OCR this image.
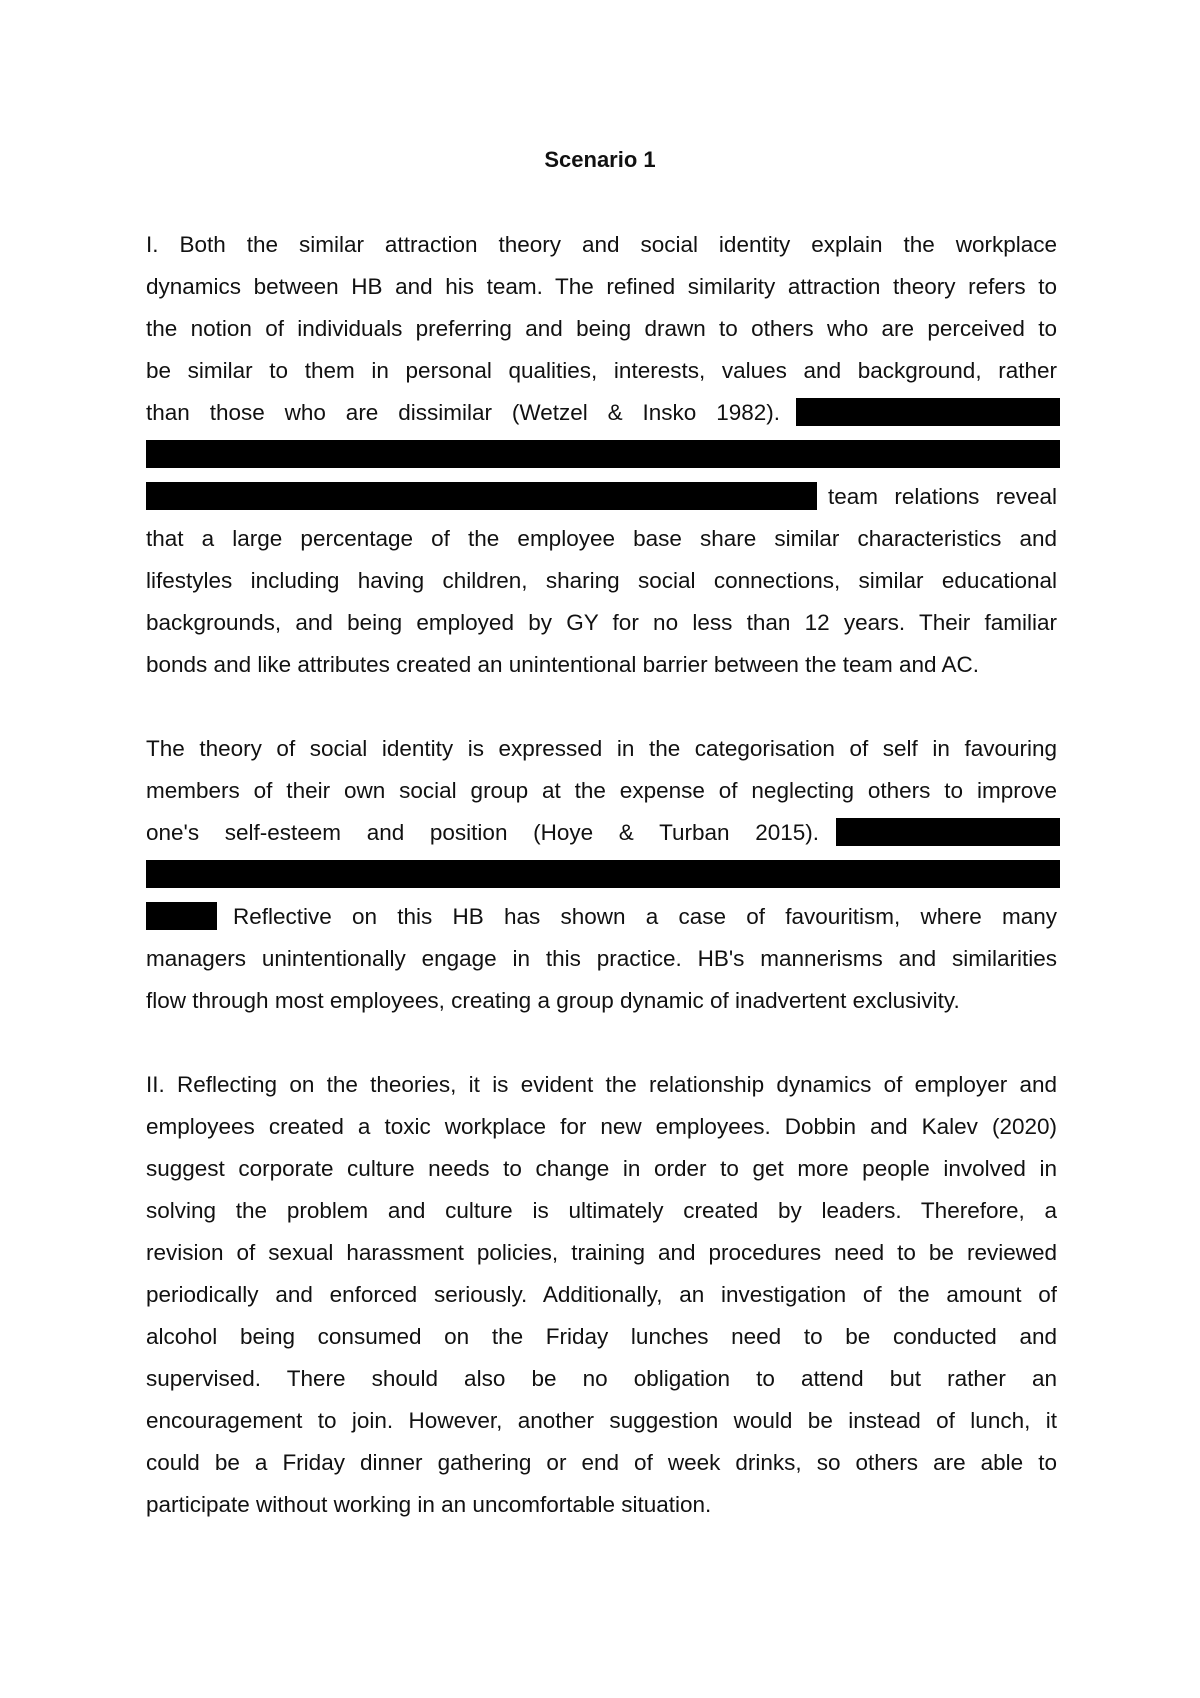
Scenario 1
I. Both the similar attraction theory and social identity explain the workplace
dynamics between HB and his team. The refined similarity attraction theory refers to
the notion of individuals preferring and being drawn to others who are perceived to
be similar to them in personal qualities, interests, values and background, rather
than those who are dissimilar (Wetzel & Insko 1982).
team relations reveal
that a large percentage of the employee base share similar characteristics and
lifestyles including having children, sharing social connections, similar educational
backgrounds, and being employed by GY for no less than 12 years. Their familiar
bonds and like attributes created an unintentional barrier between the team and AC.
The theory of social identity is expressed in the categorisation of self in favouring
members of their own social group at the expense of neglecting others to improve
one's self-esteem and position (Hoye & Turban 2015).
Reflective on this HB has shown a case of favouritism, where many
managers unintentionally engage in this practice. HB's mannerisms and similarities
flow through most employees, creating a group dynamic of inadvertent exclusivity.
II. Reflecting on the theories, it is evident the relationship dynamics of employer and
employees created a toxic workplace for new employees. Dobbin and Kalev (2020)
suggest corporate culture needs to change in order to get more people involved in
solving the problem and culture is ultimately created by leaders. Therefore, a
revision of sexual harassment policies, training and procedures need to be reviewed
periodically and enforced seriously. Additionally, an investigation of the amount of
alcohol being consumed on the Friday lunches need to be conducted and
supervised. There should also be no obligation to attend but rather an
encouragement to join. However, another suggestion would be instead of lunch, it
could be a Friday dinner gathering or end of week drinks, so others are able to
participate without working in an uncomfortable situation.
